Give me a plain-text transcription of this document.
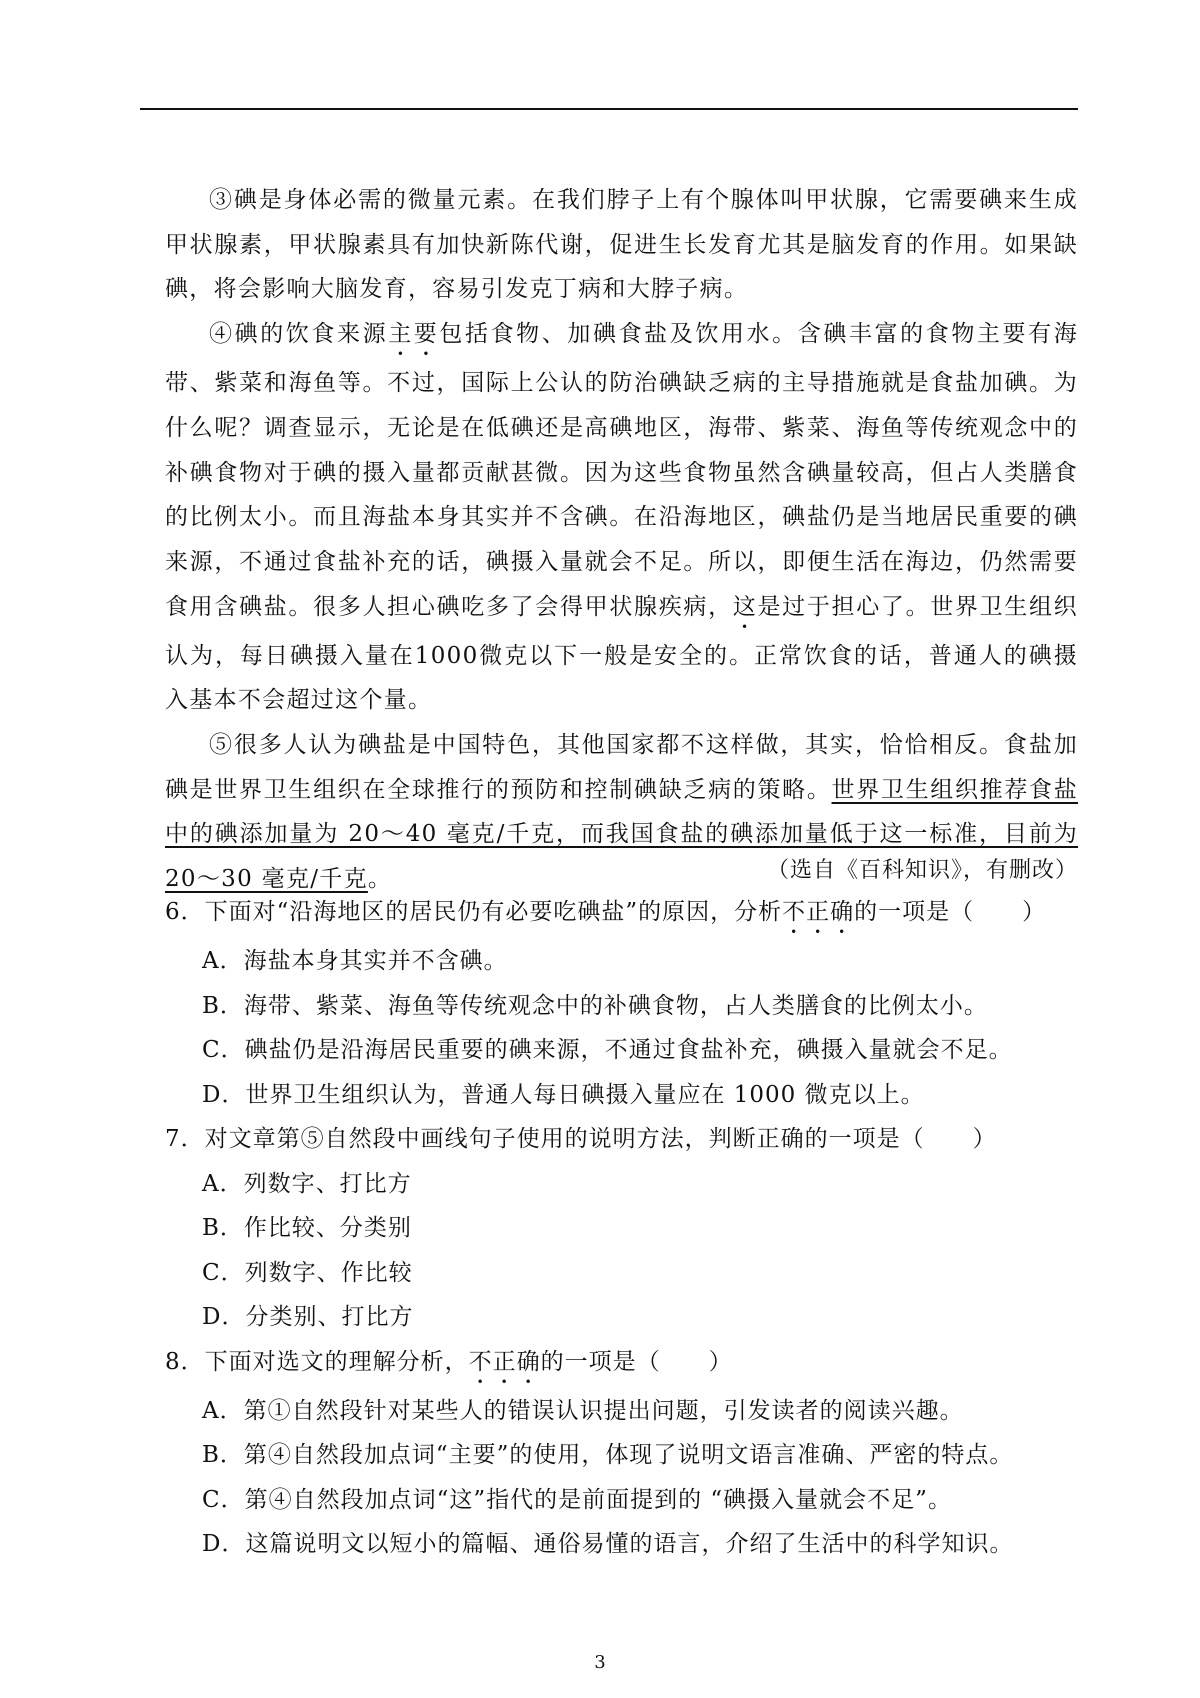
③碘是身体必需的微量元素。在我们脖子上有个腺体叫甲状腺，它需要碘来生成甲状腺素，甲状腺素具有加快新陈代谢，促进生长发育尤其是脑发育的作用。如果缺碘，将会影响大脑发育，容易引发克丁病和大脖子病。

④碘的饮食来源主要包括食物、加碘食盐及饮用水。含碘丰富的食物主要有海带、紫菜和海鱼等。不过，国际上公认的防治碘缺乏病的主导措施就是食盐加碘。为什么呢？调查显示，无论是在低碘还是高碘地区，海带、紫菜、海鱼等传统观念中的补碘食物对于碘的摄入量都贡献甚微。因为这些食物虽然含碘量较高，但占人类膳食的比例太小。而且海盐本身其实并不含碘。在沿海地区，碘盐仍是当地居民重要的碘来源，不通过食盐补充的话，碘摄入量就会不足。所以，即便生活在海边，仍然需要食用含碘盐。很多人担心碘吃多了会得甲状腺疾病，这是过于担心了。世界卫生组织认为，每日碘摄入量在1000微克以下一般是安全的。正常饮食的话，普通人的碘摄入基本不会超过这个量。

⑤很多人认为碘盐是中国特色，其他国家都不这样做，其实，恰恰相反。食盐加碘是世界卫生组织在全球推行的预防和控制碘缺乏病的策略。世界卫生组织推荐食盐中的碘添加量为 20～40 毫克/千克，而我国食盐的碘添加量低于这一标准，目前为 20～30 毫克/千克。	（选自《百科知识》，有删改）
6．下面对“沿海地区的居民仍有必要吃碘盐”的原因，分析不正确的一项是（　　）
A．海盐本身其实并不含碘。
B．海带、紫菜、海鱼等传统观念中的补碘食物，占人类膳食的比例太小。
C．碘盐仍是沿海居民重要的碘来源，不通过食盐补充，碘摄入量就会不足。
D．世界卫生组织认为，普通人每日碘摄入量应在 1000 微克以上。
7．对文章第⑤自然段中画线句子使用的说明方法，判断正确的一项是（　　）
A．列数字、打比方
B．作比较、分类别
C．列数字、作比较
D．分类别、打比方
8．下面对选文的理解分析，不正确的一项是（　　）
A．第①自然段针对某些人的错误认识提出问题，引发读者的阅读兴趣。
B．第④自然段加点词“主要”的使用，体现了说明文语言准确、严密的特点。
C．第④自然段加点词“这”指代的是前面提到的 “碘摄入量就会不足”。
D．这篇说明文以短小的篇幅、通俗易懂的语言，介绍了生活中的科学知识。
3
